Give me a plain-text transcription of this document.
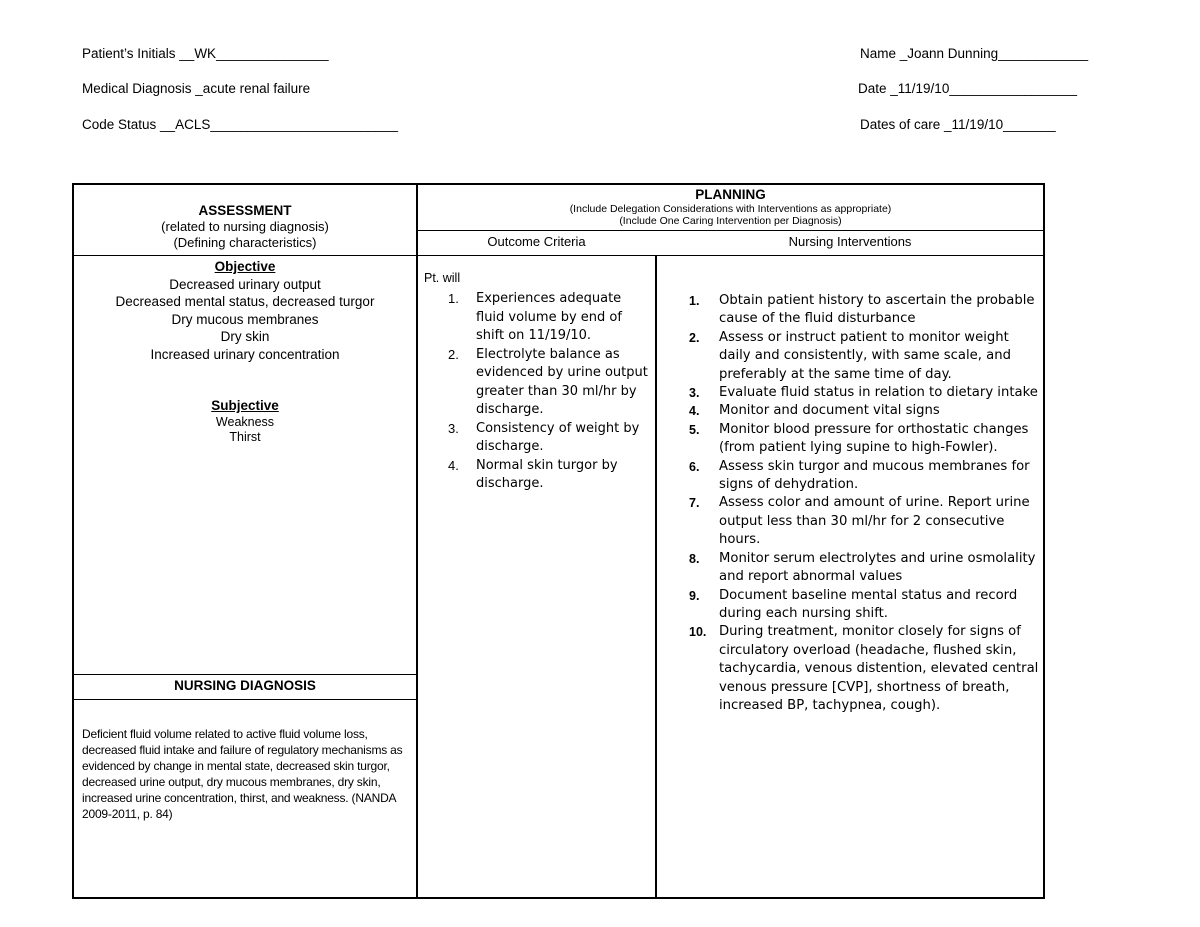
Patient’s Initials __WK_______________
Medical Diagnosis _acute renal failure
Code Status __ACLS_________________________
Name _Joann Dunning____________
Date _11/19/10_________________
Dates of care _11/19/10_______
ASSESSMENT
(related to nursing diagnosis)
(Defining characteristics)
PLANNING
(Include Delegation Considerations with Interventions as appropriate)
(Include One Caring Intervention per Diagnosis)
Outcome Criteria	Nursing Interventions
Objective
Decreased urinary output
Decreased mental status, decreased turgor
Dry mucous membranes
Dry skin
Increased urinary concentration
Subjective
Weakness
Thirst
NURSING DIAGNOSIS
Deficient fluid volume related to active fluid volume loss, decreased fluid intake and failure of regulatory mechanisms as evidenced by change in mental state, decreased skin turgor, decreased urine output, dry mucous membranes, dry skin, increased urine concentration, thirst, and weakness. (NANDA 2009-2011, p. 84)
Pt. will
1. Experiences adequate fluid volume by end of shift on 11/19/10.
2. Electrolyte balance as evidenced by urine output greater than 30 ml/hr by discharge.
3. Consistency of weight by discharge.
4. Normal skin turgor by discharge.
1. Obtain patient history to ascertain the probable cause of the fluid disturbance
2. Assess or instruct patient to monitor weight daily and consistently, with same scale, and preferably at the same time of day.
3. Evaluate fluid status in relation to dietary intake
4. Monitor and document vital signs
5. Monitor blood pressure for orthostatic changes (from patient lying supine to high-Fowler).
6. Assess skin turgor and mucous membranes for signs of dehydration.
7. Assess color and amount of urine. Report urine output less than 30 ml/hr for 2 consecutive hours.
8. Monitor serum electrolytes and urine osmolality and report abnormal values
9. Document baseline mental status and record during each nursing shift.
10. During treatment, monitor closely for signs of circulatory overload (headache, flushed skin, tachycardia, venous distention, elevated central venous pressure [CVP], shortness of breath, increased BP, tachypnea, cough).
